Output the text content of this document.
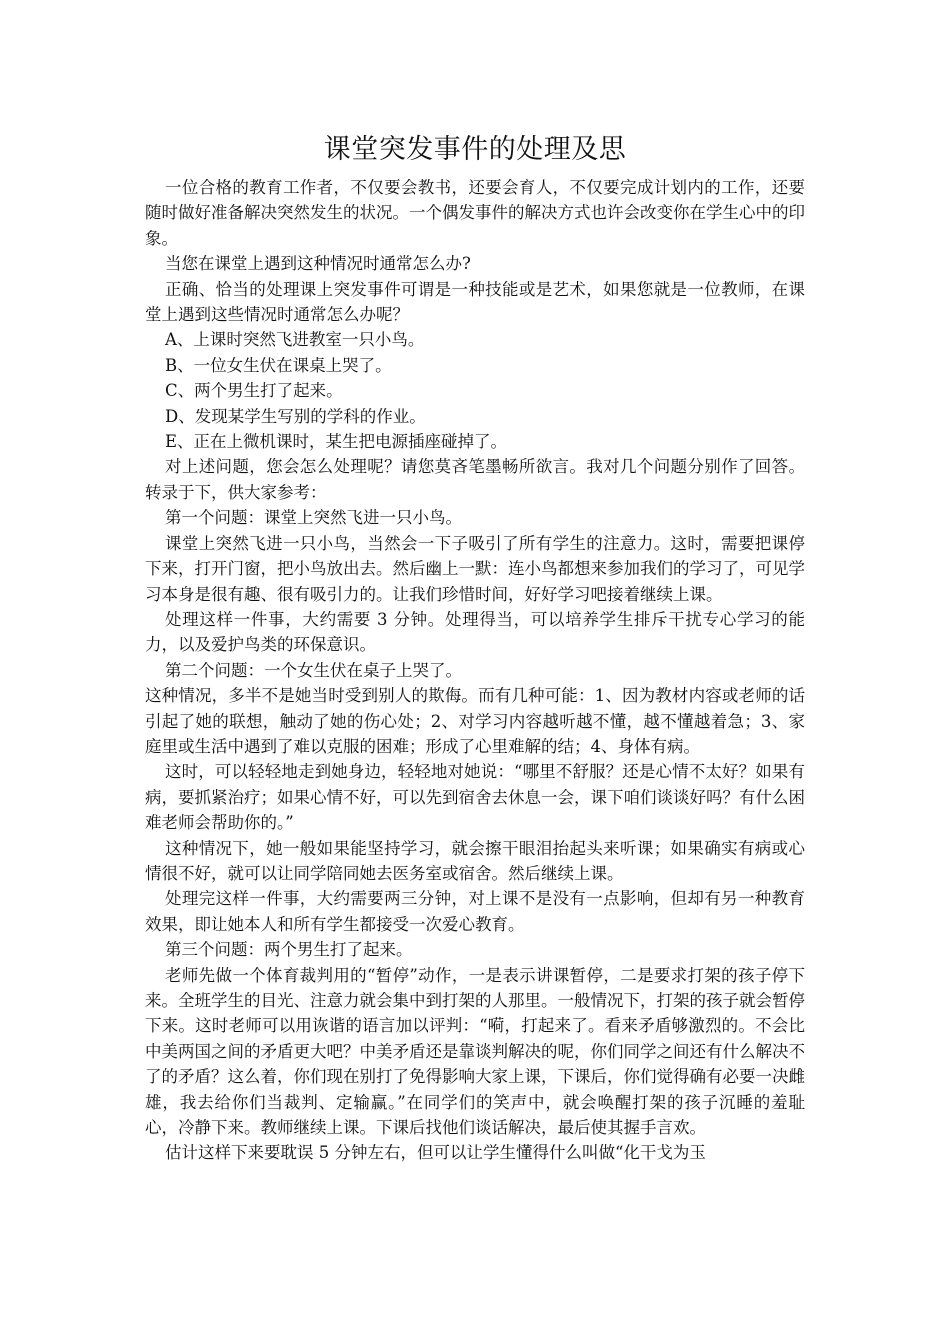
课堂突发事件的处理及思

一位合格的教育工作者，不仅要会教书，还要会育人，不仅要完成计划内的工作，还要随时做好准备解决突然发生的状况。一个偶发事件的解决方式也许会改变你在学生心中的印象。

当您在课堂上遇到这种情况时通常怎么办?

正确、恰当的处理课上突发事件可谓是一种技能或是艺术，如果您就是一位教师，在课堂上遇到这些情况时通常怎么办呢？

A、上课时突然飞进教室一只小鸟。

B、一位女生伏在课桌上哭了。

C、两个男生打了起来。

D、发现某学生写别的学科的作业。

E、正在上微机课时，某生把电源插座碰掉了。

对上述问题，您会怎么处理呢？请您莫吝笔墨畅所欲言。我对几个问题分别作了回答。转录于下，供大家参考：

第一个问题：课堂上突然飞进一只小鸟。

课堂上突然飞进一只小鸟，当然会一下子吸引了所有学生的注意力。这时，需要把课停下来，打开门窗，把小鸟放出去。然后幽上一默：连小鸟都想来参加我们的学习了，可见学习本身是很有趣、很有吸引力的。让我们珍惜时间，好好学习吧接着继续上课。

处理这样一件事，大约需要 3 分钟。处理得当，可以培养学生排斥干扰专心学习的能力，以及爱护鸟类的环保意识。

第二个问题：一个女生伏在桌子上哭了。

这种情况，多半不是她当时受到别人的欺侮。而有几种可能：1、因为教材内容或老师的话引起了她的联想，触动了她的伤心处；2、对学习内容越听越不懂，越不懂越着急；3、家庭里或生活中遇到了难以克服的困难；形成了心里难解的结；4、身体有病。

这时，可以轻轻地走到她身边，轻轻地对她说：“哪里不舒服？还是心情不太好？如果有病，要抓紧治疗；如果心情不好，可以先到宿舍去休息一会，课下咱们谈谈好吗？有什么困难老师会帮助你的。”

这种情况下，她一般如果能坚持学习，就会擦干眼泪抬起头来听课；如果确实有病或心情很不好，就可以让同学陪同她去医务室或宿舍。然后继续上课。

处理完这样一件事，大约需要两三分钟，对上课不是没有一点影响，但却有另一种教育效果，即让她本人和所有学生都接受一次爱心教育。

第三个问题：两个男生打了起来。

老师先做一个体育裁判用的“暂停”动作，一是表示讲课暂停，二是要求打架的孩子停下来。全班学生的目光、注意力就会集中到打架的人那里。一般情况下，打架的孩子就会暂停下来。这时老师可以用诙谐的语言加以评判：“嗬，打起来了。看来矛盾够激烈的。不会比中美两国之间的矛盾更大吧？中美矛盾还是靠谈判解决的呢，你们同学之间还有什么解决不了的矛盾？这么着，你们现在别打了免得影响大家上课，下课后，你们觉得确有必要一决雌雄，我去给你们当裁判、定输赢。”在同学们的笑声中，就会唤醒打架的孩子沉睡的羞耻心，冷静下来。教师继续上课。下课后找他们谈话解决，最后使其握手言欢。

估计这样下来要耽误 5 分钟左右，但可以让学生懂得什么叫做“化干戈为玉
